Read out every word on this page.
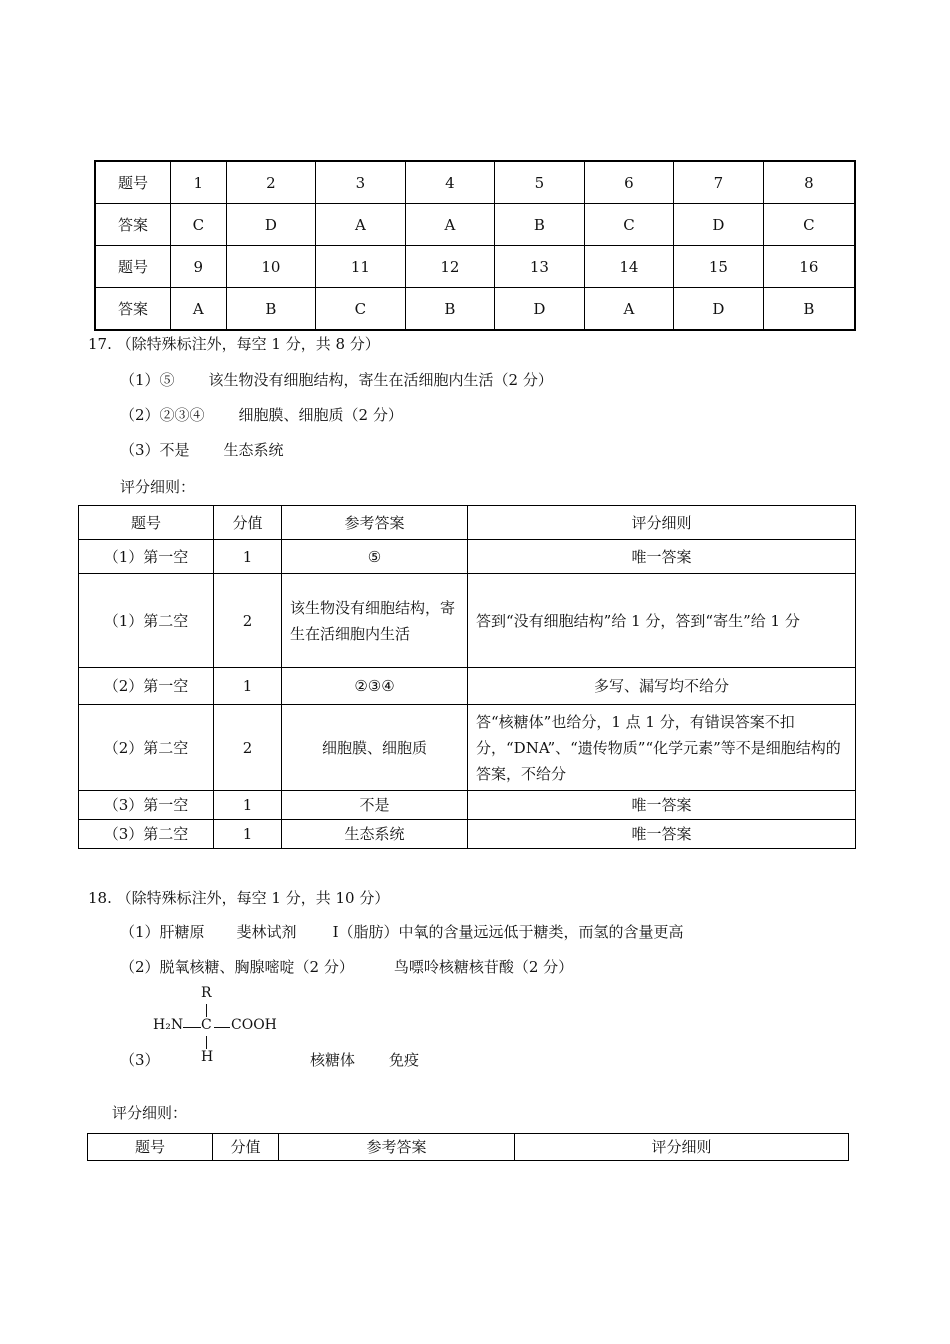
题号	1	2	3	4	5	6	7	8
答案	C	D	A	A	B	C	D	C
题号	9	10	11	12	13	14	15	16
答案	A	B	C	B	D	A	D	B
17. （除特殊标注外，每空 1 分，共 8 分）
（1）⑤ 该生物没有细胞结构，寄生在活细胞内生活（2 分）
（2）②③④ 细胞膜、细胞质（2 分）
（3）不是 生态系统
评分细则：
题号	分值	参考答案	评分细则
（1）第一空	1	⑤	唯一答案
（1）第二空	2	该生物没有细胞结构，寄生在活细胞内生活	答到“没有细胞结构”给 1 分，答到“寄生”给 1 分
（2）第一空	1	②③④	多写、漏写均不给分
（2）第二空	2	细胞膜、细胞质	答“核糖体”也给分，1 点 1 分，有错误答案不扣分，“DNA”、“遗传物质”“化学元素”等不是细胞结构的答案，不给分
（3）第一空	1	不是	唯一答案
（3）第二空	1	生态系统	唯一答案
18. （除特殊标注外，每空 1 分，共 10 分）
（1）肝糖原 斐林试剂 Ⅰ（脂肪）中氧的含量远远低于糖类，而氢的含量更高
（2）脱氧核糖、胸腺嘧啶（2 分）	鸟嘌呤核糖核苷酸（2 分）
R
H₂N C COOH
H
（3）	核糖体 免疫
评分细则：
题号	分值	参考答案	评分细则
